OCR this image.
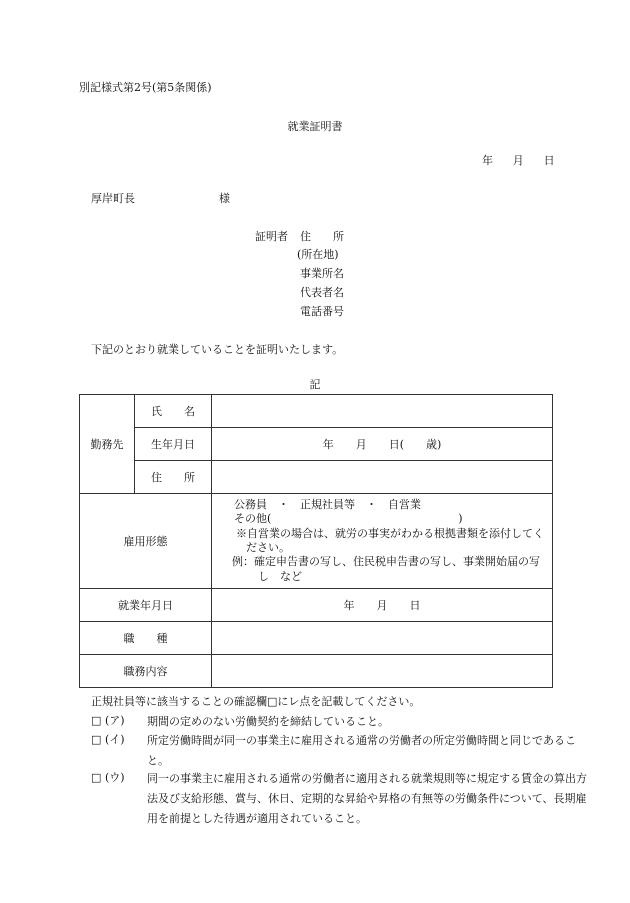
別記様式第2号(第5条関係)
就業証明書
年　月　日
厚岸町長	様
証明者 住　　所
(所在地)
事業所名
代表者名
電話番号
下記のとおり就業していることを証明いたします。
記
勤務先	氏　　名	
	生年月日	年　　月　　日(　　歳)
	住　　所	
雇用形態		公務員　・　正規社員等　・　自営業
その他(　　　　　　　　　　　　　　　　　)
※自営業の場合は、就労の事実がわかる根拠書類を添付してください。
例：確定申告書の写し、住民税申告書の写し、事業開始届の写し　など

就業年月日		年　　月　　日
職　　種		
職務内容		
正規社員等に該当することの確認欄□にレ点を記載してください。
□ (ア) 期間の定めのない労働契約を締結していること。
□ (イ) 所定労働時間が同一の事業主に雇用される通常の労働者の所定労働時間と同じであること。
□ (ウ) 同一の事業主に雇用される通常の労働者に適用される就業規則等に規定する賃金の算出方法及び支給形態、賞与、休日、定期的な昇給や昇格の有無等の労働条件について、長期雇用を前提とした待遇が適用されていること。
